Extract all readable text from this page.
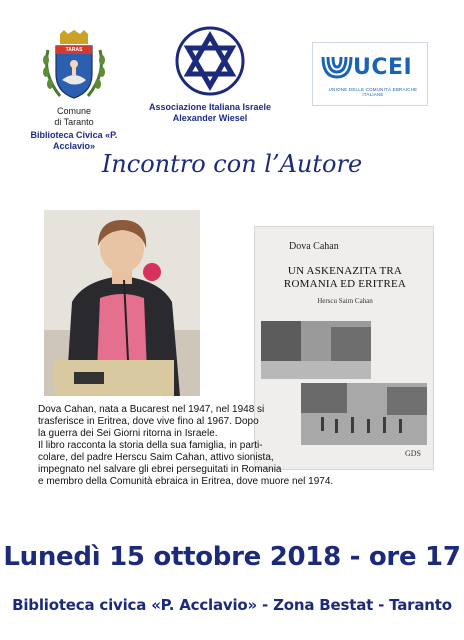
TARAS
Comune
di Taranto
Biblioteca Civica «P. Acclavio»
Associazione Italiana Israele
Alexander Wiesel
UCEI
UNIONE DELLE COMUNITÀ EBRAICHE ITALIANE
Incontro con l’Autore
Dova Cahan
UN ASKENAZITA TRA
ROMANIA ED ERITREA
Herscu Saim Cahan
GDS

Dova Cahan, nata a Bucarest nel 1947, nel 1948 si

trasferisce in Eritrea, dove vive fino al 1967. Dopo

la guerra dei Sei Giorni ritorna in Israele.

Il libro racconta la storia della sua famiglia, in parti-

colare, del padre Herscu Saim Cahan, attivo sionista,

impegnato nel salvare gli ebrei perseguitati in Romania

e membro della Comunità ebraica in Eritrea, dove muore nel 1974.

Lunedì 15 ottobre 2018 - ore 17
Biblioteca civica «P. Acclavio» - Zona Bestat - Taranto
